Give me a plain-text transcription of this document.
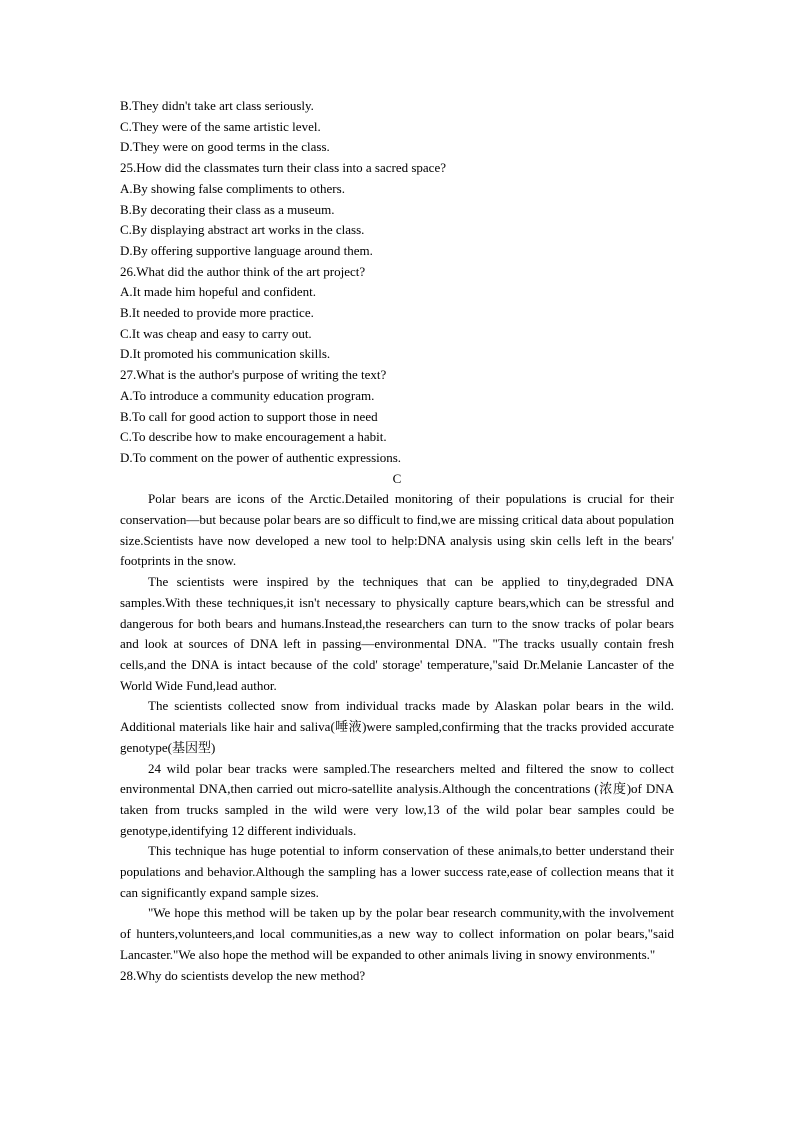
B.They didn't take art class seriously.
C.They were of the same artistic level.
D.They were on good terms in the class.
25.How did the classmates turn their class into a sacred space?
A.By showing false compliments to others.
B.By decorating their class as a museum.
C.By displaying abstract art works in the class.
D.By offering supportive language around them.
26.What did the author think of the art project?
A.It made him hopeful and confident.
B.It needed to provide more practice.
C.It was cheap and easy to carry out.
D.It promoted his communication skills.
27.What is the author's purpose of writing the text?
A.To introduce a community education program.
B.To call for good action to support those in need
C.To describe how to make encouragement a habit.
D.To comment on the power of authentic expressions.
C

Polar bears are icons of the Arctic.Detailed monitoring of their populations is crucial for their conservation—but because polar bears are so difficult to find,we are missing critical data about population size.Scientists have now developed a new tool to help:DNA analysis using skin cells left in the bears' footprints in the snow.

The scientists were inspired by the techniques that can be applied to tiny,degraded DNA samples.With these techniques,it isn't necessary to physically capture bears,which can be stressful and dangerous for both bears and humans.Instead,the researchers can turn to the snow tracks of polar bears and look at sources of DNA left in passing—environmental DNA. "The tracks usually contain fresh cells,and the DNA is intact because of the cold' storage' temperature,"said Dr.Melanie Lancaster of the World Wide Fund,lead author.

The scientists collected snow from individual tracks made by Alaskan polar bears in the wild. Additional materials like hair and saliva(唾液)were sampled,confirming that the tracks provided accurate genotype(基因型)

24 wild polar bear tracks were sampled.The researchers melted and filtered the snow to collect environmental DNA,then carried out micro-satellite analysis.Although the concentrations (浓度)of DNA taken from trucks sampled in the wild were very low,13 of the wild polar bear samples could be genotype,identifying 12 different individuals.

This technique has huge potential to inform conservation of these animals,to better understand their populations and behavior.Although the sampling has a lower success rate,ease of collection means that it can significantly expand sample sizes.

"We hope this method will be taken up by the polar bear research community,with the involvement of hunters,volunteers,and local communities,as a new way to collect information on polar bears,"said Lancaster."We also hope the method will be expanded to other animals living in snowy environments."

28.Why do scientists develop the new method?
